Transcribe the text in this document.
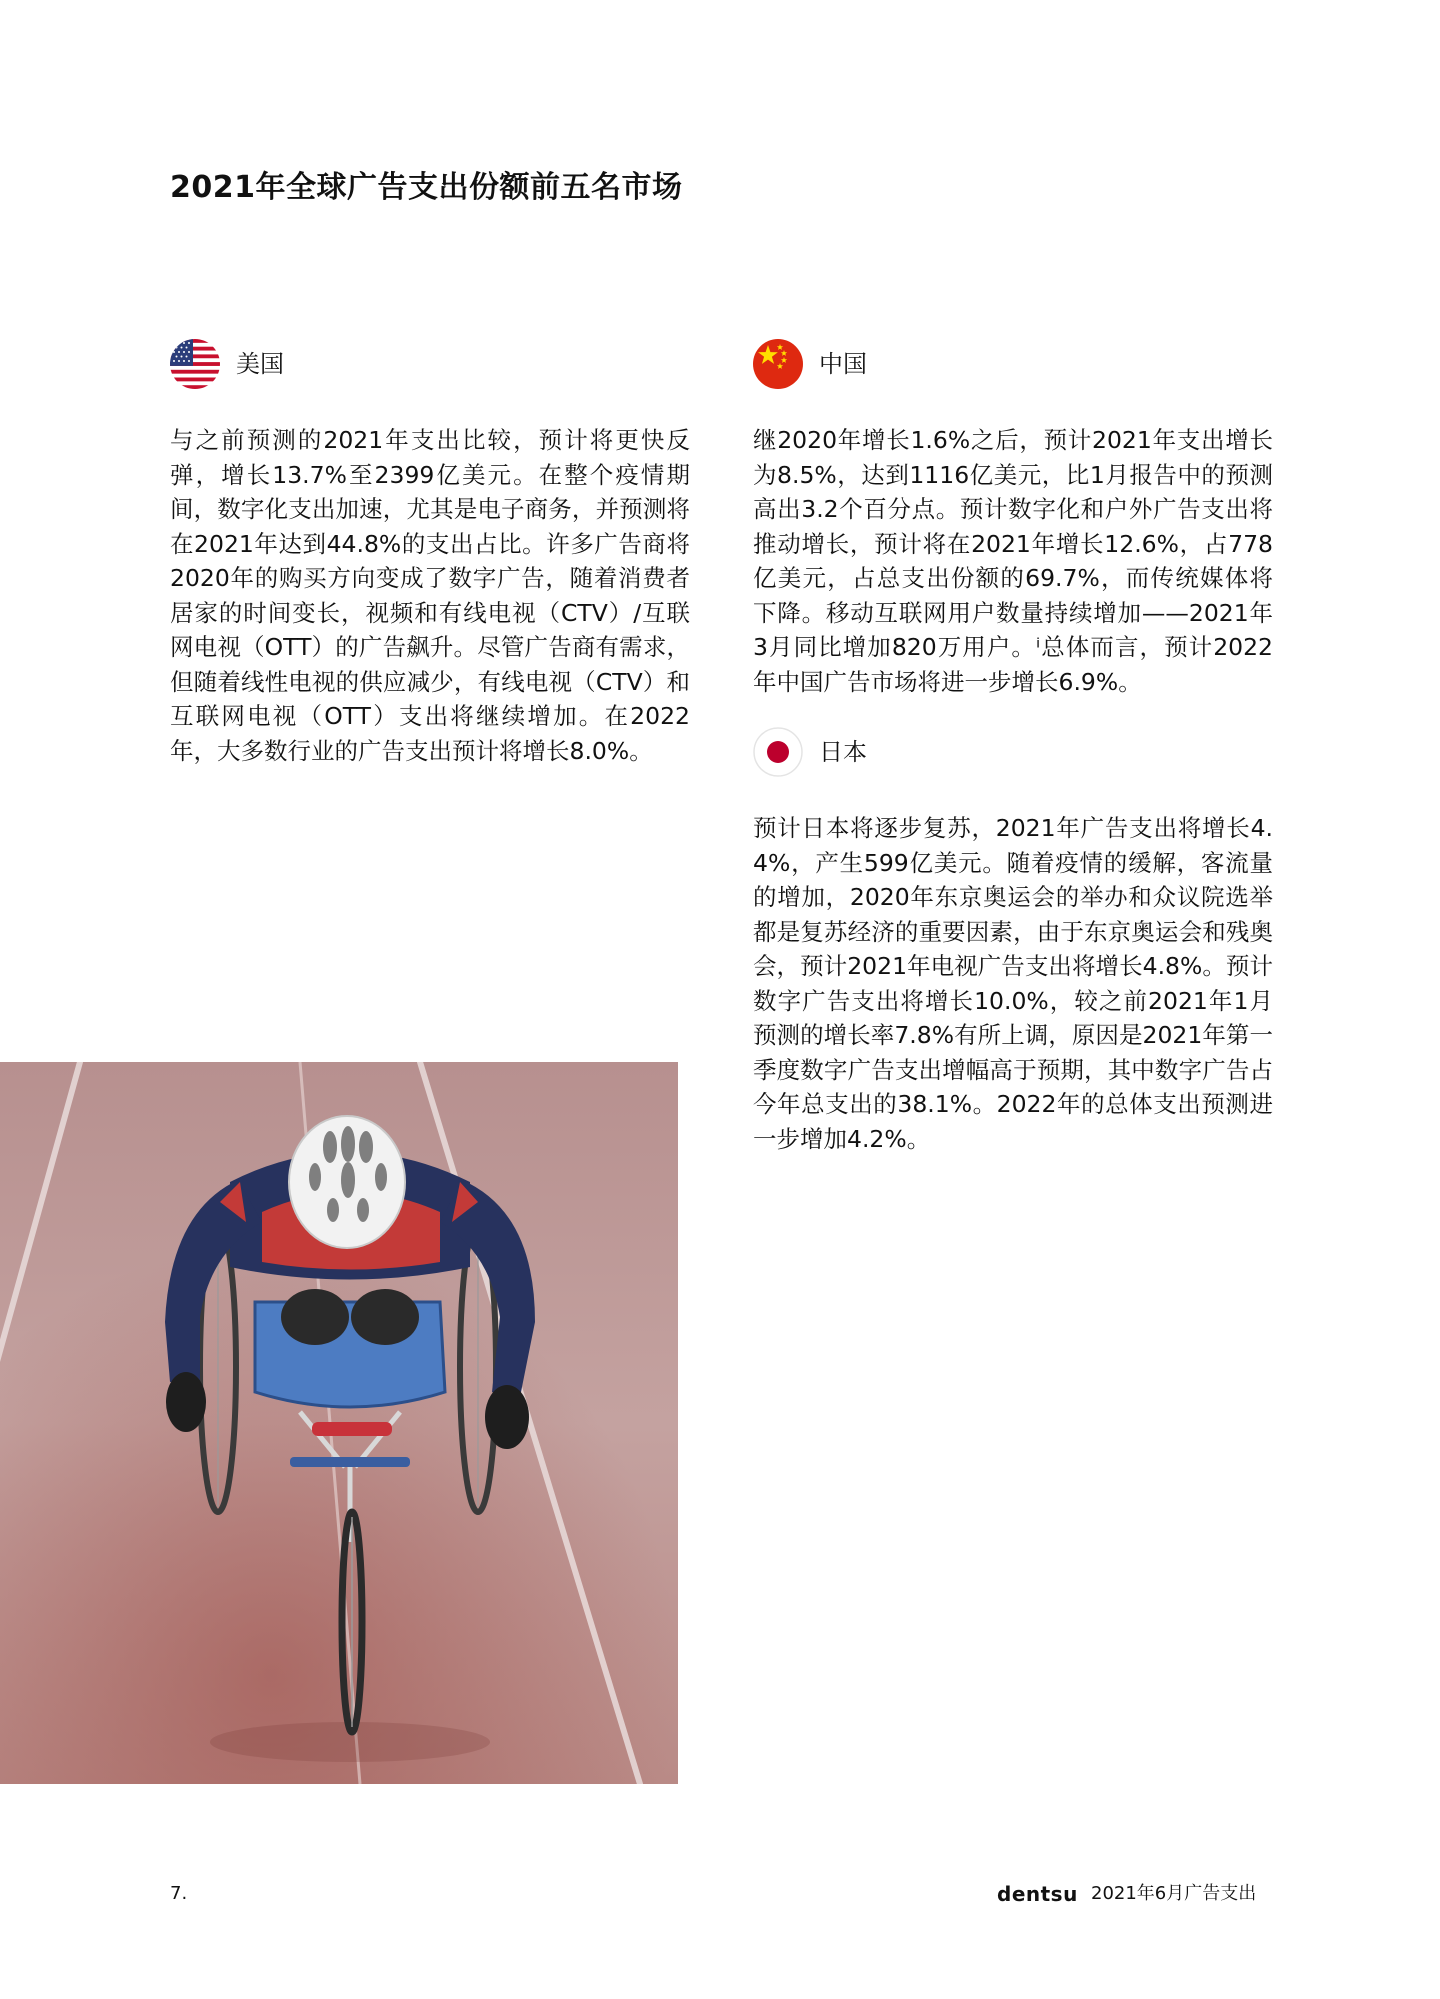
2021年全球广告支出份额前五名市场
美国

与之前预测的2021年支出比较，预计将更快反弹，增长13.7%至2399亿美元。在整个疫情期间，数字化支出加速，尤其是电子商务，并预测将在2021年达到44.8%的支出占比。许多广告商将2020年的购买方向变成了数字广告，随着消费者居家的时间变长，视频和有线电视（CTV）/互联网电视（OTT）的广告飙升。尽管广告商有需求，但随着线性电视的供应减少，有线电视（CTV）和互联网电视（OTT）支出将继续增加。在2022年，大多数行业的广告支出预计将增长8.0%。

中国

继2020年增长1.6%之后，预计2021年支出增长为8.5%，达到1116亿美元，比1月报告中的预测高出3.2个百分点。预计数字化和户外广告支出将推动增长，预计将在2021年增长12.6%，占778亿美元，占总支出份额的69.7%，而传统媒体将下降。移动互联网用户数量持续增加——2021年3月同比增加820万用户。ⁱ总体而言，预计2022年中国广告市场将进一步增长6.9%。

日本

预计日本将逐步复苏，2021年广告支出将增长4.4%，产生599亿美元。随着疫情的缓解，客流量的增加，2020年东京奥运会的举办和众议院选举都是复苏经济的重要因素，由于东京奥运会和残奥会，预计2021年电视广告支出将增长4.8%。预计数字广告支出将增长10.0%，较之前2021年1月预测的增长率7.8%有所上调，原因是2021年第一季度数字广告支出增幅高于预期，其中数字广告占今年总支出的38.1%。2022年的总体支出预测进一步增加4.2%。

7.	dentsu 2021年6月广告支出
